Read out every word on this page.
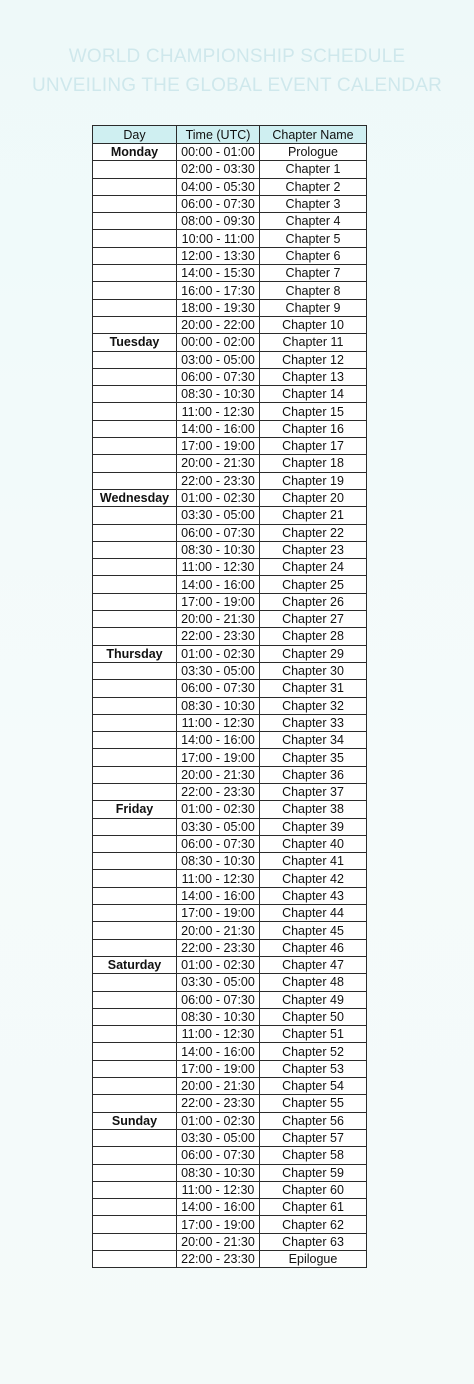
WORLD CHAMPIONSHIP SCHEDULE
UNVEILING THE GLOBAL EVENT CALENDAR
Day	Time (UTC)	Chapter Name
Monday	00:00 - 01:00	Prologue
	02:00 - 03:30	Chapter 1
	04:00 - 05:30	Chapter 2
	06:00 - 07:30	Chapter 3
	08:00 - 09:30	Chapter 4
	10:00 - 11:00	Chapter 5
	12:00 - 13:30	Chapter 6
	14:00 - 15:30	Chapter 7
	16:00 - 17:30	Chapter 8
	18:00 - 19:30	Chapter 9
	20:00 - 22:00	Chapter 10
Tuesday	00:00 - 02:00	Chapter 11
	03:00 - 05:00	Chapter 12
	06:00 - 07:30	Chapter 13
	08:30 - 10:30	Chapter 14
	11:00 - 12:30	Chapter 15
	14:00 - 16:00	Chapter 16
	17:00 - 19:00	Chapter 17
	20:00 - 21:30	Chapter 18
	22:00 - 23:30	Chapter 19
Wednesday	01:00 - 02:30	Chapter 20
	03:30 - 05:00	Chapter 21
	06:00 - 07:30	Chapter 22
	08:30 - 10:30	Chapter 23
	11:00 - 12:30	Chapter 24
	14:00 - 16:00	Chapter 25
	17:00 - 19:00	Chapter 26
	20:00 - 21:30	Chapter 27
	22:00 - 23:30	Chapter 28
Thursday	01:00 - 02:30	Chapter 29
	03:30 - 05:00	Chapter 30
	06:00 - 07:30	Chapter 31
	08:30 - 10:30	Chapter 32
	11:00 - 12:30	Chapter 33
	14:00 - 16:00	Chapter 34
	17:00 - 19:00	Chapter 35
	20:00 - 21:30	Chapter 36
	22:00 - 23:30	Chapter 37
Friday	01:00 - 02:30	Chapter 38
	03:30 - 05:00	Chapter 39
	06:00 - 07:30	Chapter 40
	08:30 - 10:30	Chapter 41
	11:00 - 12:30	Chapter 42
	14:00 - 16:00	Chapter 43
	17:00 - 19:00	Chapter 44
	20:00 - 21:30	Chapter 45
	22:00 - 23:30	Chapter 46
Saturday	01:00 - 02:30	Chapter 47
	03:30 - 05:00	Chapter 48
	06:00 - 07:30	Chapter 49
	08:30 - 10:30	Chapter 50
	11:00 - 12:30	Chapter 51
	14:00 - 16:00	Chapter 52
	17:00 - 19:00	Chapter 53
	20:00 - 21:30	Chapter 54
	22:00 - 23:30	Chapter 55
Sunday	01:00 - 02:30	Chapter 56
	03:30 - 05:00	Chapter 57
	06:00 - 07:30	Chapter 58
	08:30 - 10:30	Chapter 59
	11:00 - 12:30	Chapter 60
	14:00 - 16:00	Chapter 61
	17:00 - 19:00	Chapter 62
	20:00 - 21:30	Chapter 63
	22:00 - 23:30	Epilogue
